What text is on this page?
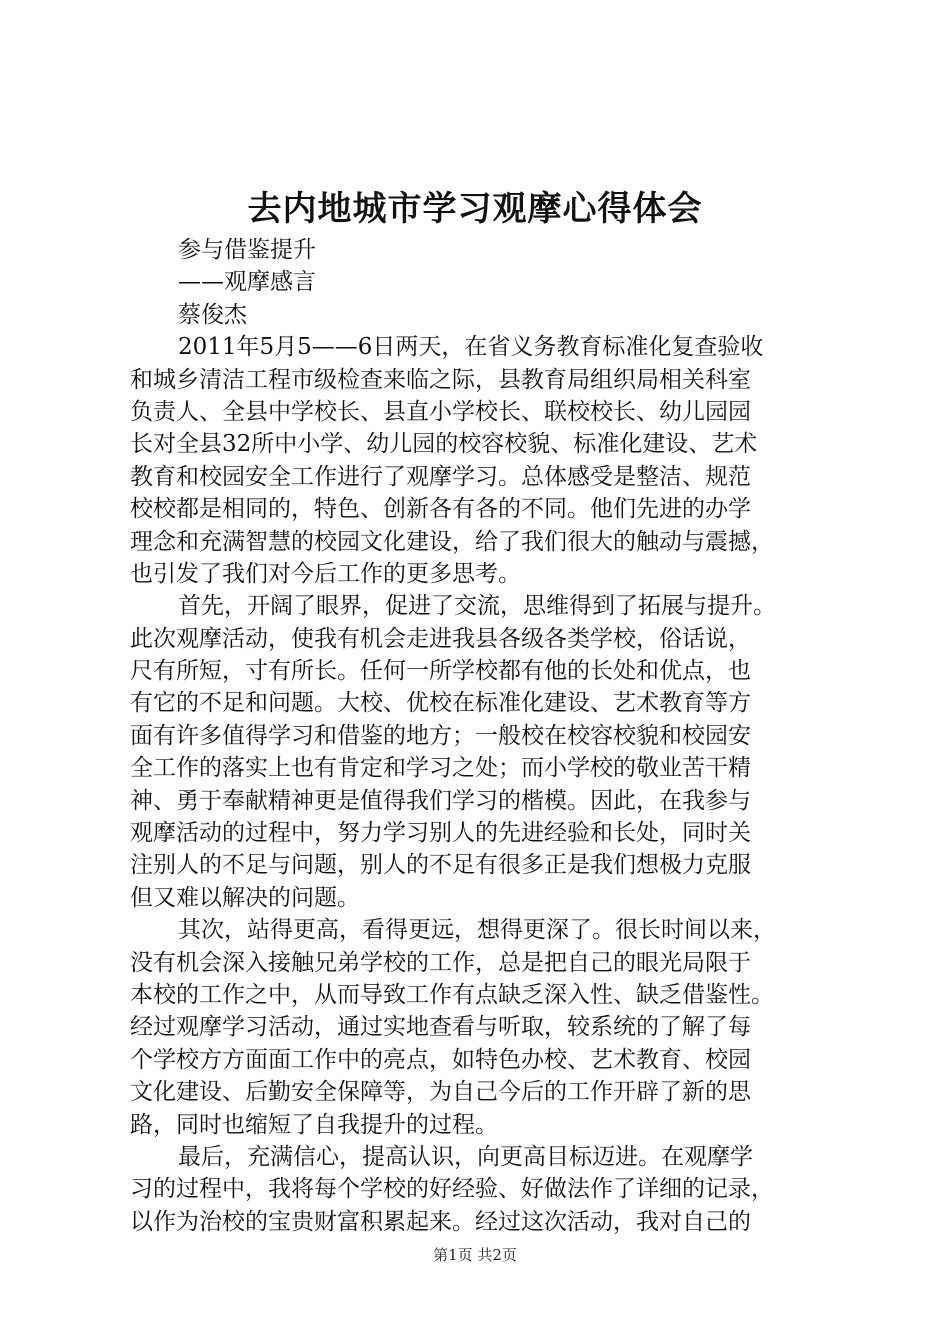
去内地城市学习观摩心得体会
参与借鉴提升
——观摩感言
蔡俊杰
2011年5月5——6日两天，在省义务教育标准化复查验收
和城乡清洁工程市级检查来临之际，县教育局组织局相关科室
负责人、全县中学校长、县直小学校长、联校校长、幼儿园园
长对全县32所中小学、幼儿园的校容校貌、标准化建设、艺术
教育和校园安全工作进行了观摩学习。总体感受是整洁、规范
校校都是相同的，特色、创新各有各的不同。他们先进的办学
理念和充满智慧的校园文化建设，给了我们很大的触动与震撼，
也引发了我们对今后工作的更多思考。
首先，开阔了眼界，促进了交流，思维得到了拓展与提升。
此次观摩活动，使我有机会走进我县各级各类学校，俗话说，
尺有所短，寸有所长。任何一所学校都有他的长处和优点，也
有它的不足和问题。大校、优校在标准化建设、艺术教育等方
面有许多值得学习和借鉴的地方；一般校在校容校貌和校园安
全工作的落实上也有肯定和学习之处；而小学校的敬业苦干精
神、勇于奉献精神更是值得我们学习的楷模。因此，在我参与
观摩活动的过程中，努力学习别人的先进经验和长处，同时关
注别人的不足与问题，别人的不足有很多正是我们想极力克服
但又难以解决的问题。
其次，站得更高，看得更远，想得更深了。很长时间以来，
没有机会深入接触兄弟学校的工作，总是把自己的眼光局限于
本校的工作之中，从而导致工作有点缺乏深入性、缺乏借鉴性。
经过观摩学习活动，通过实地查看与听取，较系统的了解了每
个学校方方面面工作中的亮点，如特色办校、艺术教育、校园
文化建设、后勤安全保障等，为自己今后的工作开辟了新的思
路，同时也缩短了自我提升的过程。
最后，充满信心，提高认识，向更高目标迈进。在观摩学
习的过程中，我将每个学校的好经验、好做法作了详细的记录，
以作为治校的宝贵财富积累起来。经过这次活动，我对自己的
第1页 共2页
